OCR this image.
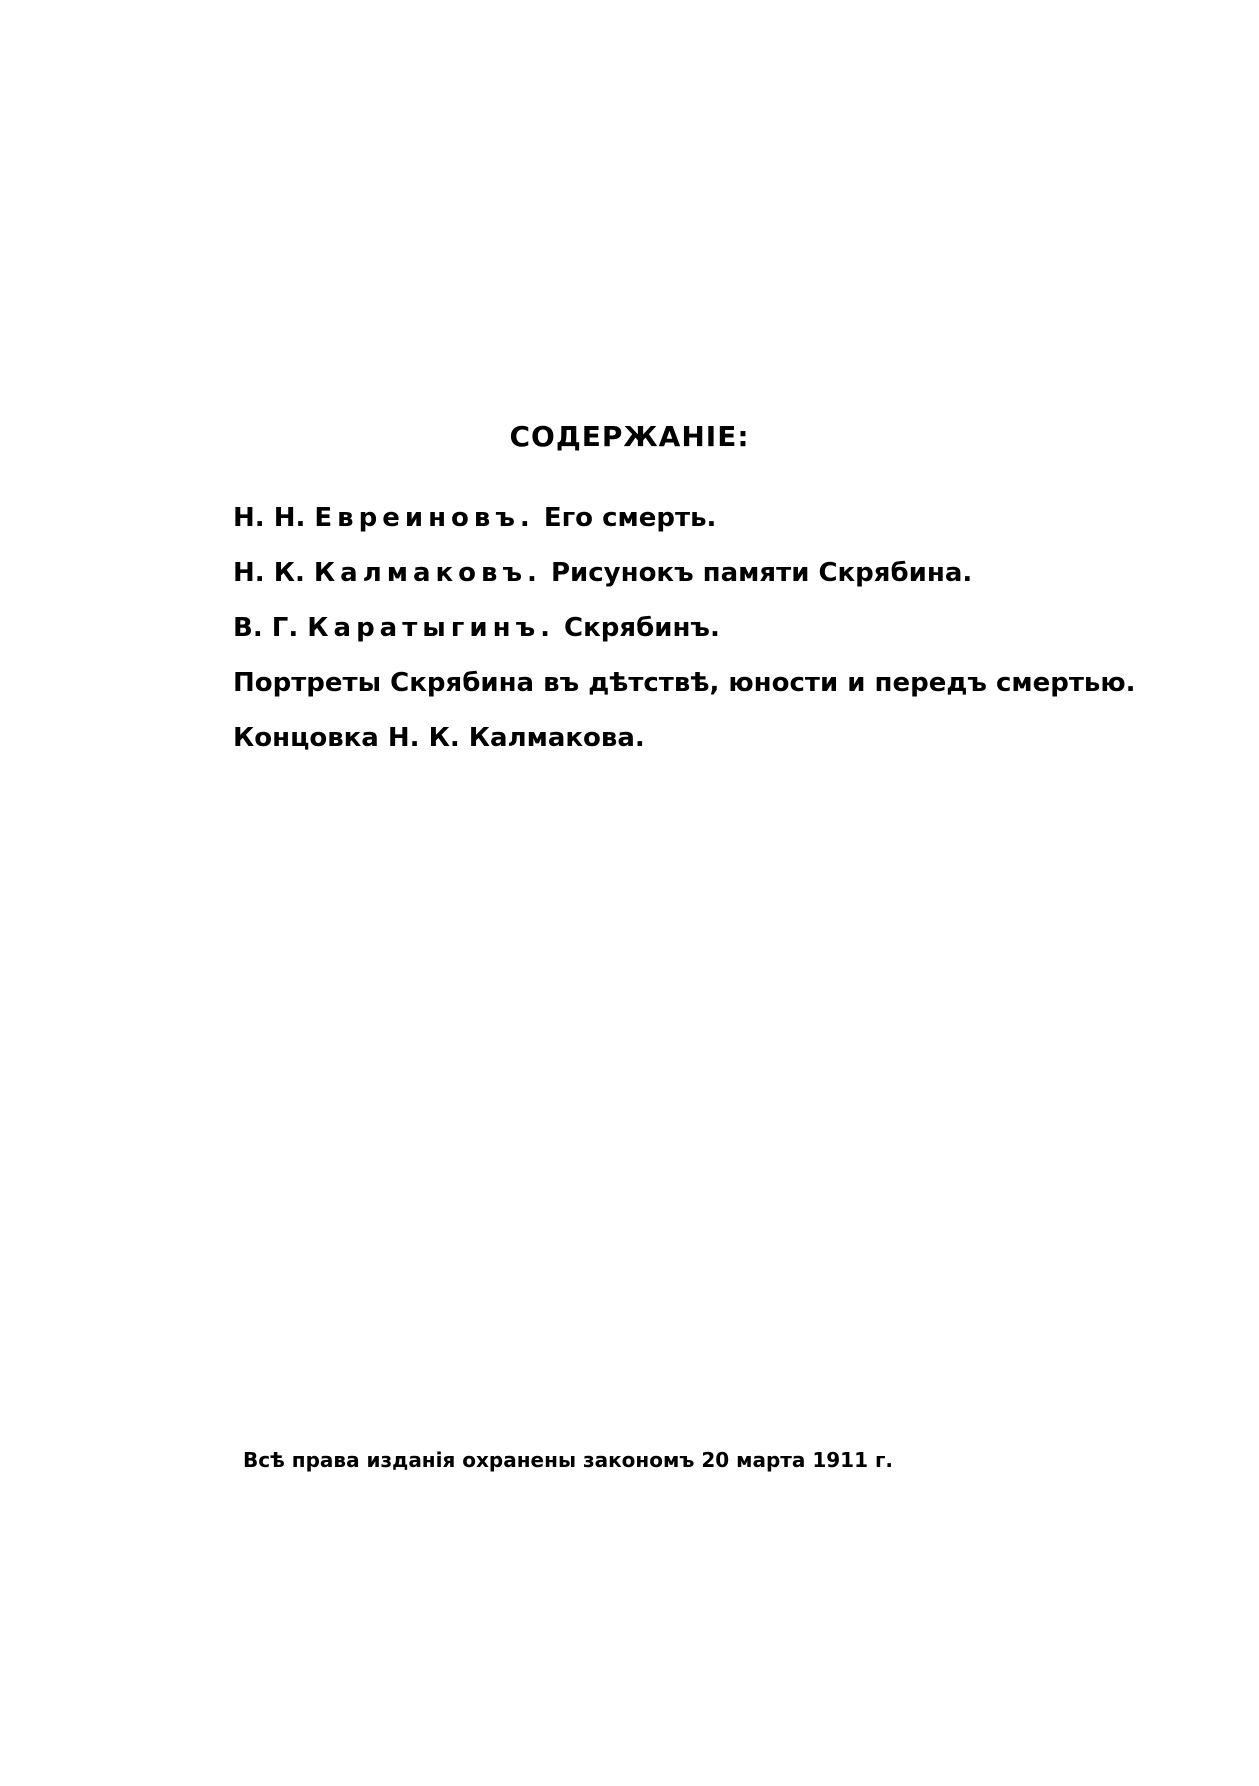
СОДЕРЖАНІЕ:
Н. Н. Евреиновъ. Его смерть.
Н. К. Калмаковъ. Рисунокъ памяти Скрябина.
В. Г. Каратыгинъ. Скрябинъ.
Портреты Скрябина въ дѣтствѣ, юности и передъ смертью.
Концовка Н. К. Калмакова.
Всѣ права изданія охранены закономъ 20 марта 1911 г.
